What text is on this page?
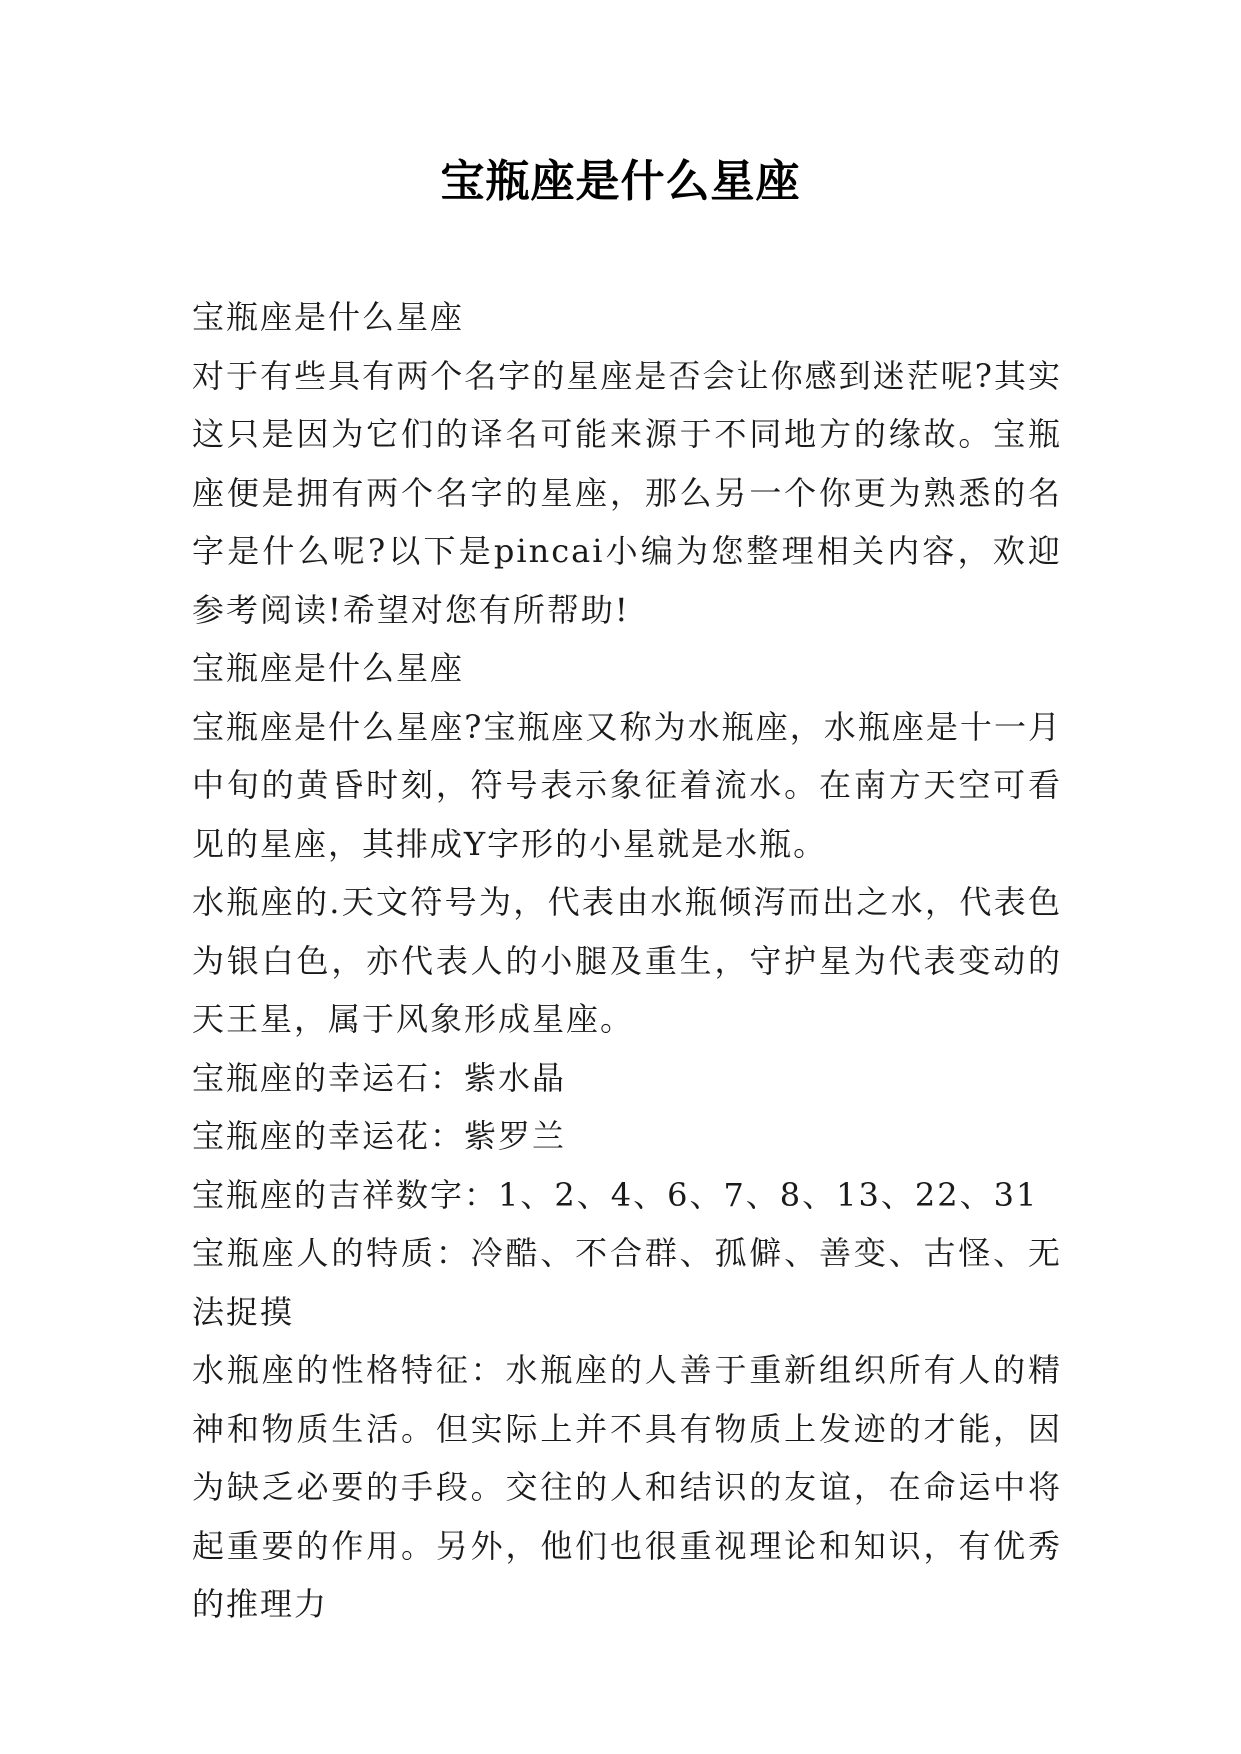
宝瓶座是什么星座

宝瓶座是什么星座

对于有些具有两个名字的星座是否会让你感到迷茫呢?其实这只是因为它们的译名可能来源于不同地方的缘故。宝瓶座便是拥有两个名字的星座，那么另一个你更为熟悉的名字是什么呢?以下是pincai小编为您整理相关内容，欢迎参考阅读!希望对您有所帮助!

宝瓶座是什么星座

宝瓶座是什么星座?宝瓶座又称为水瓶座，水瓶座是十一月中旬的黄昏时刻，符号表示象征着流水。在南方天空可看见的星座，其排成Y字形的小星就是水瓶。

水瓶座的.天文符号为，代表由水瓶倾泻而出之水，代表色为银白色，亦代表人的小腿及重生，守护星为代表变动的天王星，属于风象形成星座。

宝瓶座的幸运石：紫水晶

宝瓶座的幸运花：紫罗兰

宝瓶座的吉祥数字：1、2、4、6、7、8、13、22、31

宝瓶座人的特质：冷酷、不合群、孤僻、善变、古怪、无法捉摸

水瓶座的性格特征：水瓶座的人善于重新组织所有人的精神和物质生活。但实际上并不具有物质上发迹的才能，因为缺乏必要的手段。交往的人和结识的友谊，在命运中将起重要的作用。另外，他们也很重视理论和知识，有优秀的推理力
